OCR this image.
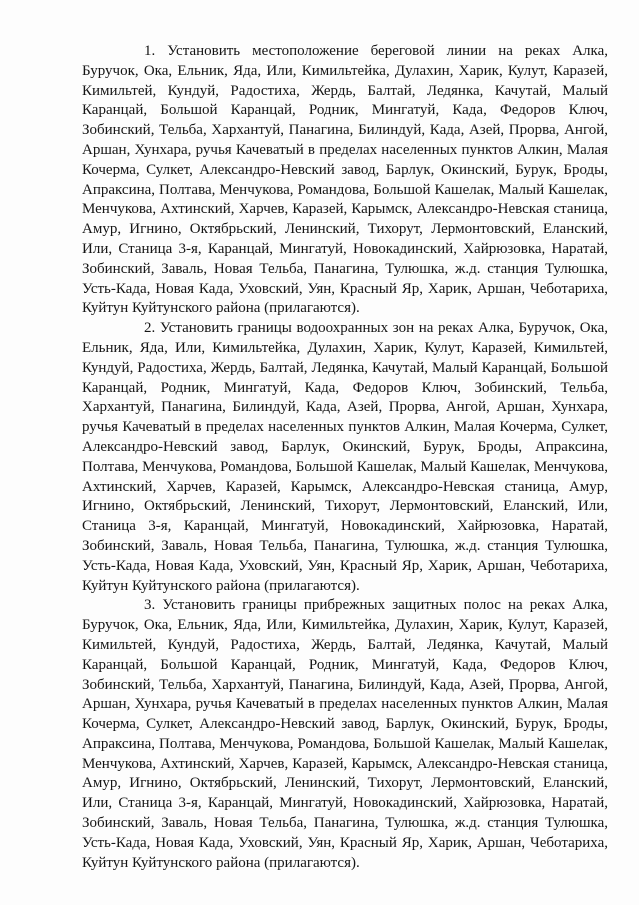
1. Установить местоположение береговой линии на реках Алка, Буручок, Ока, Ельник, Яда, Или, Кимильтейка, Дулахин, Харик, Кулут, Каразей, Кимильтей, Кундуй, Радостиха, Жердь, Балтай, Ледянка, Качутай, Малый Каранцай, Большой Каранцай, Родник, Мингатуй, Када, Федоров Ключ, Зобинский, Тельба, Хархантуй, Панагина, Билиндуй, Када, Азей, Прорва, Ангой, Аршан, Хунхара, ручья Качеватый в пределах населенных пунктов Алкин, Малая Кочерма, Сулкет, Александро-Невский завод, Барлук, Окинский, Бурук, Броды, Апраксина, Полтава, Менчукова, Романдова, Большой Кашелак, Малый Кашелак, Менчукова, Ахтинский, Харчев, Каразей, Карымск, Александро-Невская станица, Амур, Игнино, Октябрьский, Ленинский, Тихорут, Лермонтовский, Еланский, Или, Станица 3-я, Каранцай, Мингатуй, Новокадинский, Хайрюзовка, Наратай, Зобинский, Заваль, Новая Тельба, Панагина, Тулюшка, ж.д. станция Тулюшка, Усть-Када, Новая Када, Уховский, Уян, Красный Яр, Харик, Аршан, Чеботариха, Куйтун Куйтунского района (прилагаются).

2. Установить границы водоохранных зон на реках Алка, Буручок, Ока, Ельник, Яда, Или, Кимильтейка, Дулахин, Харик, Кулут, Каразей, Кимильтей, Кундуй, Радостиха, Жердь, Балтай, Ледянка, Качутай, Малый Каранцай, Большой Каранцай, Родник, Мингатуй, Када, Федоров Ключ, Зобинский, Тельба, Хархантуй, Панагина, Билиндуй, Када, Азей, Прорва, Ангой, Аршан, Хунхара, ручья Качеватый в пределах населенных пунктов Алкин, Малая Кочерма, Сулкет, Александро-Невский завод, Барлук, Окинский, Бурук, Броды, Апраксина, Полтава, Менчукова, Романдова, Большой Кашелак, Малый Кашелак, Менчукова, Ахтинский, Харчев, Каразей, Карымск, Александро-Невская станица, Амур, Игнино, Октябрьский, Ленинский, Тихорут, Лермонтовский, Еланский, Или, Станица 3-я, Каранцай, Мингатуй, Новокадинский, Хайрюзовка, Наратай, Зобинский, Заваль, Новая Тельба, Панагина, Тулюшка, ж.д. станция Тулюшка, Усть-Када, Новая Када, Уховский, Уян, Красный Яр, Харик, Аршан, Чеботариха, Куйтун Куйтунского района (прилагаются).

3. Установить границы прибрежных защитных полос на реках Алка, Буручок, Ока, Ельник, Яда, Или, Кимильтейка, Дулахин, Харик, Кулут, Каразей, Кимильтей, Кундуй, Радостиха, Жердь, Балтай, Ледянка, Качутай, Малый Каранцай, Большой Каранцай, Родник, Мингатуй, Када, Федоров Ключ, Зобинский, Тельба, Хархантуй, Панагина, Билиндуй, Када, Азей, Прорва, Ангой, Аршан, Хунхара, ручья Качеватый в пределах населенных пунктов Алкин, Малая Кочерма, Сулкет, Александро-Невский завод, Барлук, Окинский, Бурук, Броды, Апраксина, Полтава, Менчукова, Романдова, Большой Кашелак, Малый Кашелак, Менчукова, Ахтинский, Харчев, Каразей, Карымск, Александро-Невская станица, Амур, Игнино, Октябрьский, Ленинский, Тихорут, Лермонтовский, Еланский, Или, Станица 3-я, Каранцай, Мингатуй, Новокадинский, Хайрюзовка, Наратай, Зобинский, Заваль, Новая Тельба, Панагина, Тулюшка, ж.д. станция Тулюшка, Усть-Када, Новая Када, Уховский, Уян, Красный Яр, Харик, Аршан, Чеботариха, Куйтун Куйтунского района (прилагаются).
